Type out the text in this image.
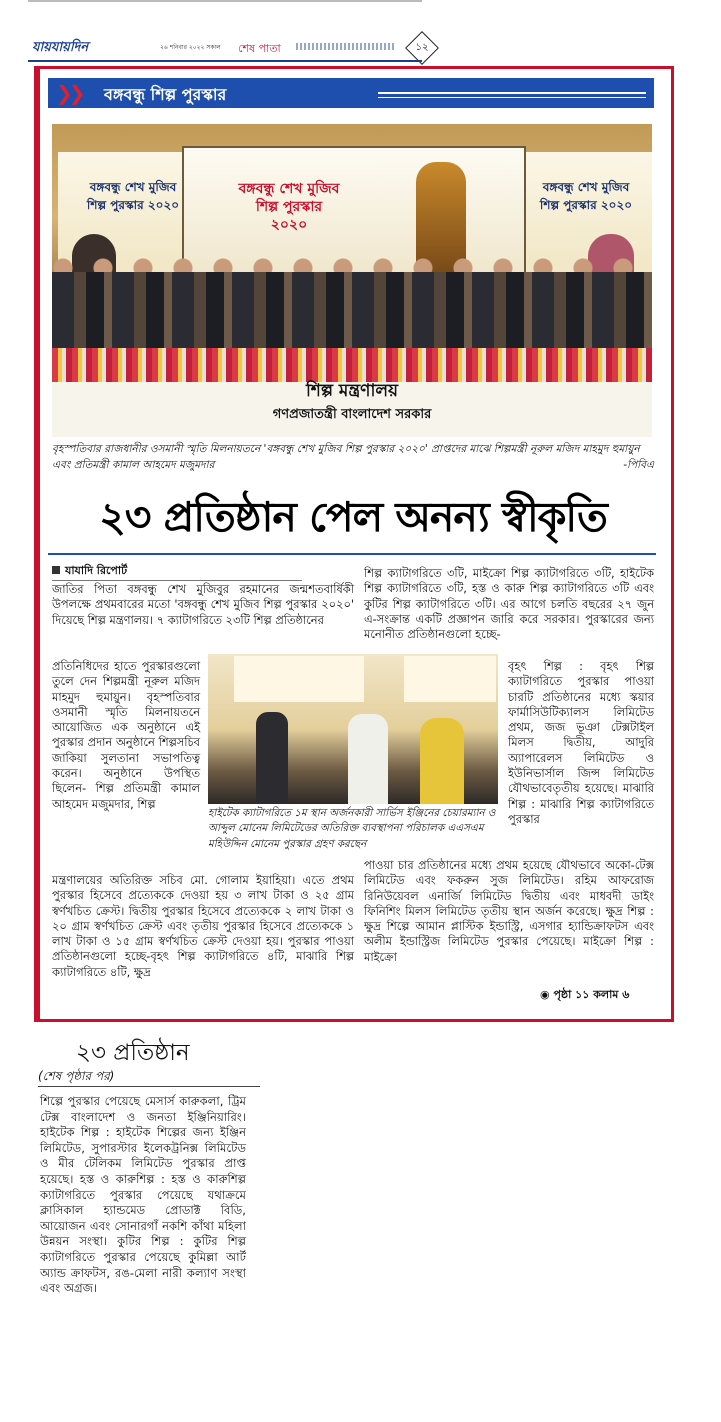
যায়যায়দিন	২৬ শনিবার ২০২২ সকাল শেষ পাতা	১২
❯❯ বঙ্গবন্ধু শিল্প পুরস্কার
বঙ্গবন্ধু শেখ মুজিব
শিল্প পুরস্কার ২০২০
বঙ্গবন্ধু শেখ মুজিব
শিল্প পুরস্কার ২০২০
বঙ্গবন্ধু শেখ মুজিব
শিল্প পুরস্কার
২০২০
শিল্প মন্ত্রণালয়
গণপ্রজাতন্ত্রী বাংলাদেশ সরকার
বৃহস্পতিবার রাজধানীর ওসমানী স্মৃতি মিলনায়তনে 'বঙ্গবন্ধু শেখ মুজিব শিল্প পুরস্কার ২০২০' প্রাপ্তদের মাঝে শিল্পমন্ত্রী নূরুল মজিদ মাহমুদ হুমায়ুন এবং প্রতিমন্ত্রী কামাল আহমেদ মজুমদার	-পিবিএ
২৩ প্রতিষ্ঠান পেল অনন্য স্বীকৃতি
যাযাদি রিপোর্ট
জাতির পিতা বঙ্গবন্ধু শেখ মুজিবুর রহমানের জন্মশতবার্ষিকী উপলক্ষে প্রথমবারের মতো 'বঙ্গবন্ধু শেখ মুজিব শিল্প পুরস্কার ২০২০' দিয়েছে শিল্প মন্ত্রণালয়। ৭ ক্যাটাগরিতে ২৩টি শিল্প প্রতিষ্ঠানের
প্রতিনিধিদের হাতে পুরস্কারগুলো তুলে দেন শিল্পমন্ত্রী নূরুল মজিদ মাহমুদ হুমায়ুন। বৃহস্পতিবার ওসমানী স্মৃতি মিলনায়তনে আয়োজিত এক অনুষ্ঠানে এই পুরস্কার প্রদান অনুষ্ঠানে শিল্পসচিব জাকিয়া সুলতানা সভাপতিত্ব করেন। অনুষ্ঠানে উপস্থিত ছিলেন- শিল্প প্রতিমন্ত্রী কামাল আহমেদ মজুমদার, শিল্প
মন্ত্রণালয়ের অতিরিক্ত সচিব মো. গোলাম ইয়াহিয়া। এতে প্রথম পুরস্কার হিসেবে প্রত্যেককে দেওয়া হয় ৩ লাখ টাকা ও ২৫ গ্রাম স্বর্ণখচিত ক্রেস্ট। দ্বিতীয় পুরস্কার হিসেবে প্রত্যেককে ২ লাখ টাকা ও ২০ গ্রাম স্বর্ণখচিত ক্রেস্ট এবং তৃতীয় পুরস্কার হিসেবে প্রত্যেককে ১ লাখ টাকা ও ১৫ গ্রাম স্বর্ণখচিত ক্রেস্ট দেওয়া হয়। পুরস্কার পাওয়া প্রতিষ্ঠানগুলো হচ্ছে-বৃহৎ শিল্প ক্যাটাগরিতে ৪টি, মাঝারি শিল্প ক্যাটাগরিতে ৪টি, ক্ষুদ্র
শিল্প ক্যাটাগরিতে ৩টি, মাইক্রো শিল্প ক্যাটাগরিতে ৩টি, হাইটেক শিল্প ক্যাটাগরিতে ৩টি, হস্ত ও কারু শিল্প ক্যাটাগরিতে ৩টি এবং কুটির শিল্প ক্যাটাগরিতে ৩টি। এর আগে চলতি বছরের ২৭ জুন এ-সংক্রান্ত একটি প্রজ্ঞাপন জারি করে সরকার। পুরস্কারের জন্য মনোনীত প্রতিষ্ঠানগুলো হচ্ছে-
বৃহৎ শিল্প : বৃহৎ শিল্প ক্যাটাগরিতে পুরস্কার পাওয়া চারটি প্রতিষ্ঠানের মধ্যে স্কয়ার ফার্মাসিউটিক্যালস লিমিটেড প্রথম, জজ ভূঞা টেক্সটাইল মিলস দ্বিতীয়, আদুরি অ্যাপারেলস লিমিটেড ও ইউনিভার্সাল জিন্স লিমিটেড যৌথভাবেতৃতীয় হয়েছে। মাঝারি শিল্প : মাঝারি শিল্প ক্যাটাগরিতে পুরস্কার
পাওয়া চার প্রতিষ্ঠানের মধ্যে প্রথম হয়েছে যৌথভাবে অকো-টেক্স লিমিটেড এবং ফকরুন সুজ লিমিটেড। রহিম আফরোজ রিনিউয়েবল এনার্জি লিমিটেড দ্বিতীয় এবং মাধবদী ডাইং ফিনিশিং মিলস লিমিটেড তৃতীয় স্থান অর্জন করেছে। ক্ষুদ্র শিল্প : ক্ষুদ্র শিল্পে আমান প্লাস্টিক ইন্ডাস্ট্রি, এসগার হ্যান্ডিক্রাফটস এবং অলীম ইন্ডাস্ট্রিজ লিমিটেড পুরস্কার পেয়েছে। মাইক্রো শিল্প : মাইক্রো
হাইটেক ক্যাটাগরিতে ১ম স্থান অর্জনকারী সার্ভিস ইঞ্জিনের চেয়ারম্যান ও আব্দুল মোনেম লিমিটেডের অতিরিক্ত ব্যবস্থাপনা পরিচালক এএসএম মহিউদ্দিন মোনেম পুরস্কার গ্রহণ করছেন
◉ পৃষ্ঠা ১১ কলাম ৬
২৩ প্রতিষ্ঠান
(শেষ পৃষ্ঠার পর)
শিল্পে পুরস্কার পেয়েছে মেসার্স কারুকলা, ট্রিম টেক্স বাংলাদেশ ও জনতা ইঞ্জিনিয়ারিং। হাইটেক শিল্প : হাইটেক শিল্পের জন্য ইঞ্জিন লিমিটেড, সুপারস্টার ইলেকট্রনিক্স লিমিটেড ও মীর টেলিকম লিমিটেড পুরস্কার প্রাপ্ত হয়েছে। হস্ত ও কারুশিল্প : হস্ত ও কারুশিল্প ক্যাটাগরিতে পুরস্কার পেয়েছে যথাক্রমে ক্লাসিকাল হ্যান্ডমেড প্রোডাক্ট বিডি, আয়োজন এবং সোনারগাঁ নকশি কাঁথা মহিলা উন্নয়ন সংস্থা। কুটির শিল্প : কুটির শিল্প ক্যাটাগরিতে পুরস্কার পেয়েছে কুমিল্লা আর্ট অ্যান্ড ক্রাফটস, রঙ-মেলা নারী কল্যাণ সংস্থা এবং অগ্রজ।
